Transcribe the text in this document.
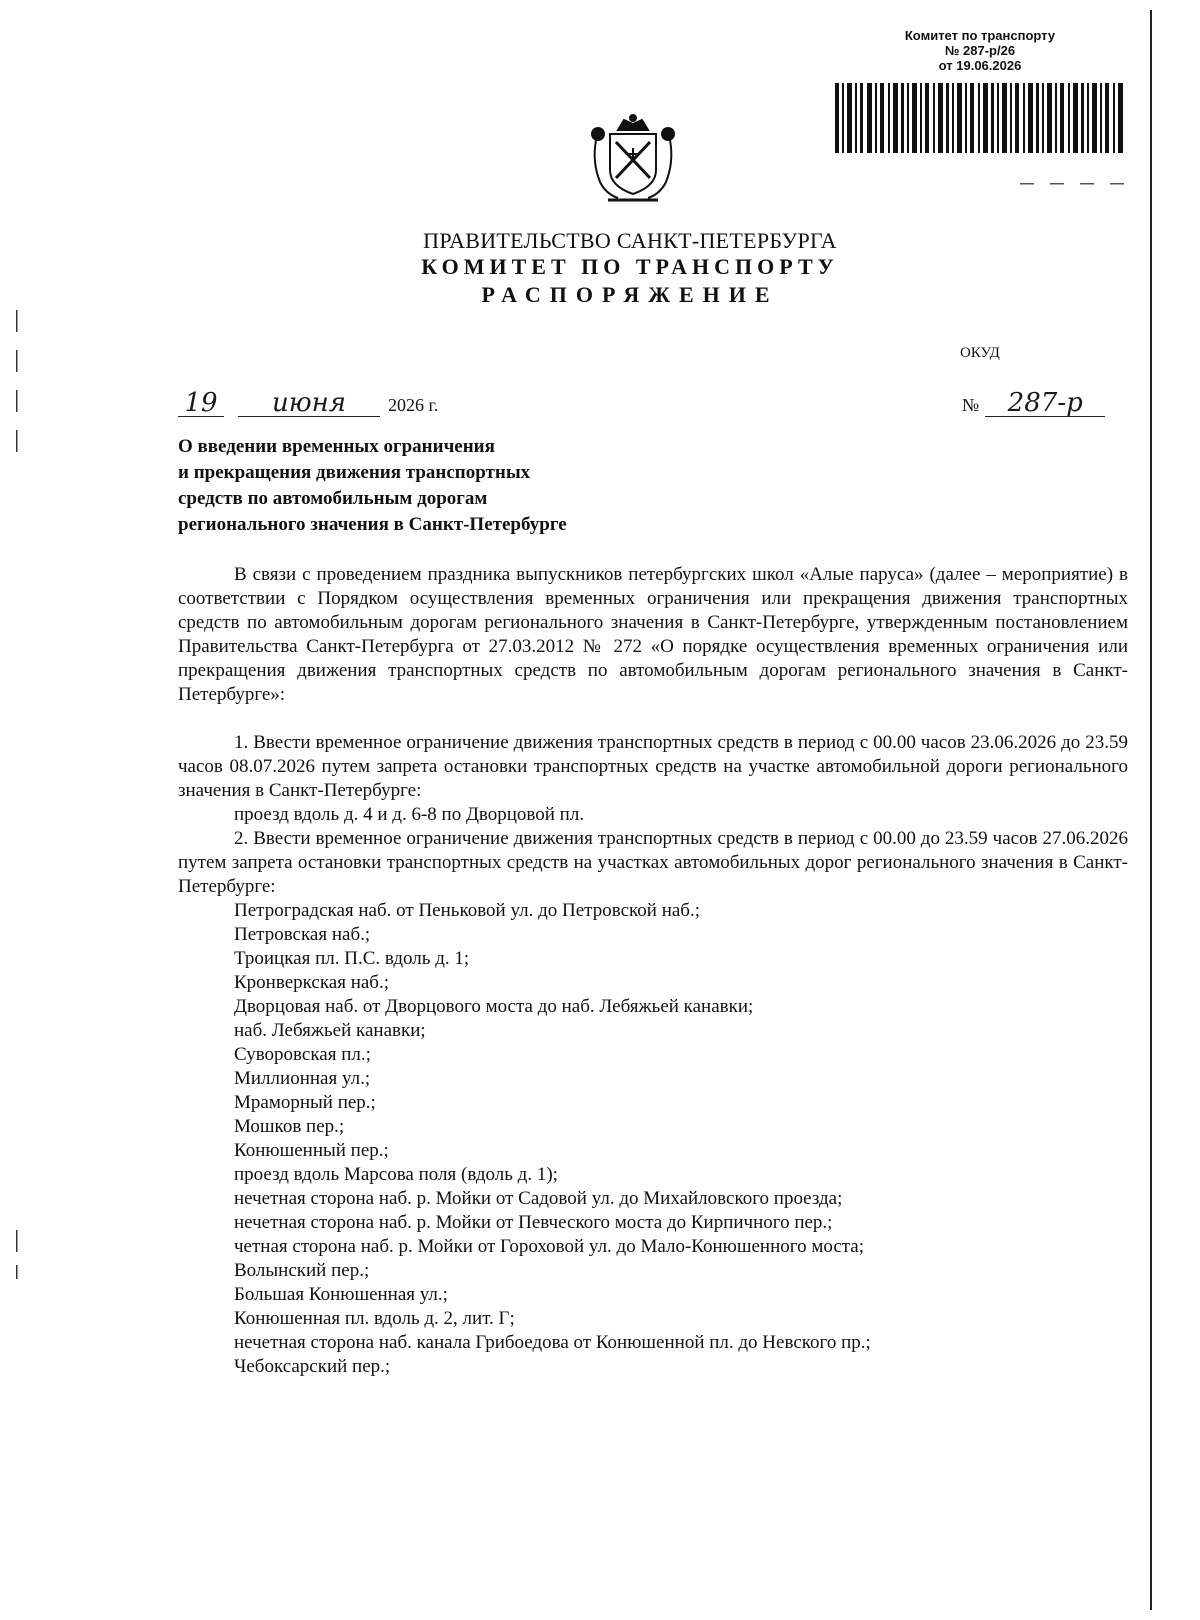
Комитет по транспорту
№ 287-р/26
от 19.06.2026
ПРАВИТЕЛЬСТВО САНКТ-ПЕТЕРБУРГА
КОМИТЕТ ПО ТРАНСПОРТУ
РАСПОРЯЖЕНИЕ
ОКУД
19 июня 2026 г.	№ 287-р
О введении временных ограничения
и прекращения движения транспортных
средств по автомобильным дорогам
регионального значения в Санкт-Петербурге

В связи с проведением праздника выпускников петербургских школ «Алые паруса» (далее – мероприятие) в соответствии с Порядком осуществления временных ограничения или прекращения движения транспортных средств по автомобильным дорогам регионального значения в Санкт-Петербурге, утвержденным постановлением Правительства Санкт-Петербурга от 27.03.2012 № 272 «О порядке осуществления временных ограничения или прекращения движения транспортных средств по автомобильным дорогам регионального значения в Санкт-Петербурге»:

1. Ввести временное ограничение движения транспортных средств в период с 00.00 часов 23.06.2026 до 23.59 часов 08.07.2026 путем запрета остановки транспортных средств на участке автомобильной дороги регионального значения в Санкт-Петербурге:

проезд вдоль д. 4 и д. 6-8 по Дворцовой пл.

2. Ввести временное ограничение движения транспортных средств в период с 00.00 до 23.59 часов 27.06.2026 путем запрета остановки транспортных средств на участках автомобильных дорог регионального значения в Санкт-Петербурге:

Петроградская наб. от Пеньковой ул. до Петровской наб.;
Петровская наб.;
Троицкая пл. П.С. вдоль д. 1;
Кронверкская наб.;
Дворцовая наб. от Дворцового моста до наб. Лебяжьей канавки;
наб. Лебяжьей канавки;
Суворовская пл.;
Миллионная ул.;
Мраморный пер.;
Мошков пер.;
Конюшенный пер.;
проезд вдоль Марсова поля (вдоль д. 1);
нечетная сторона наб. р. Мойки от Садовой ул. до Михайловского проезда;
нечетная сторона наб. р. Мойки от Певческого моста до Кирпичного пер.;
четная сторона наб. р. Мойки от Гороховой ул. до Мало-Конюшенного моста;
Волынский пер.;
Большая Конюшенная ул.;
Конюшенная пл. вдоль д. 2, лит. Г;
нечетная сторона наб. канала Грибоедова от Конюшенной пл. до Невского пр.;
Чебоксарский пер.;
